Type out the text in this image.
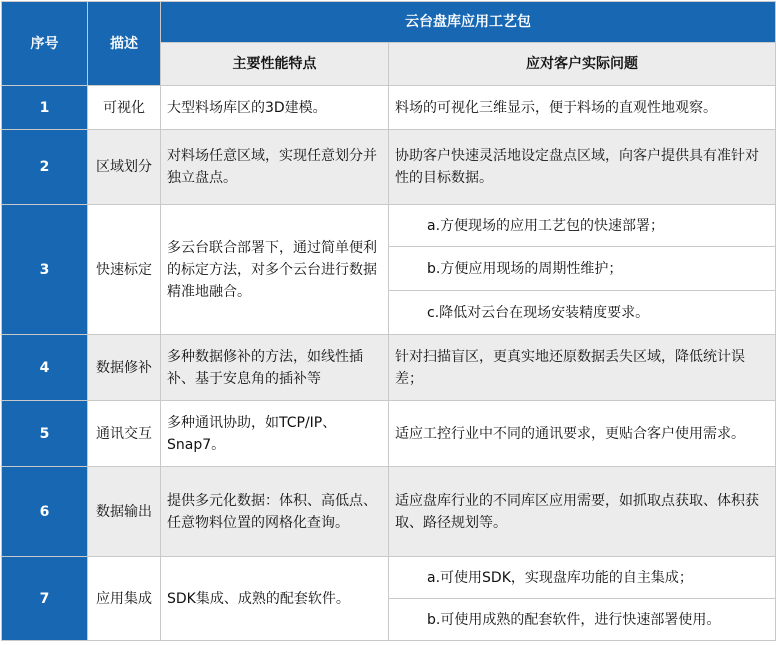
序号	描述	云台盘库应用工艺包	
		主要性能特点	应对客户实际问题
1	可视化	大型料场库区的3D建模。	料场的可视化三维显示，便于料场的直观性地观察。
2	区域划分	对料场任意区域，实现任意划分并独立盘点。	协助客户快速灵活地设定盘点区域，向客户提供具有准针对性的目标数据。
3	快速标定	多云台联合部署下，通过简单便利的标定方法，对多个云台进行数据精准地融合。	a.方便现场的应用工艺包的快速部署；
			b.方便应用现场的周期性维护；
			c.降低对云台在现场安装精度要求。
4	数据修补	多种数据修补的方法，如线性插补、基于安息角的插补等	针对扫描盲区，更真实地还原数据丢失区域，降低统计误差；
5	通讯交互	多种通讯协助，如TCP/IP、Snap7。	适应工控行业中不同的通讯要求，更贴合客户使用需求。
6	数据输出	提供多元化数据：体积、高低点、任意物料位置的网格化查询。	适应盘库行业的不同库区应用需要，如抓取点获取、体积获取、路径规划等。
7	应用集成	SDK集成、成熟的配套软件。	a.可使用SDK，实现盘库功能的自主集成；
			b.可使用成熟的配套软件，进行快速部署使用。
